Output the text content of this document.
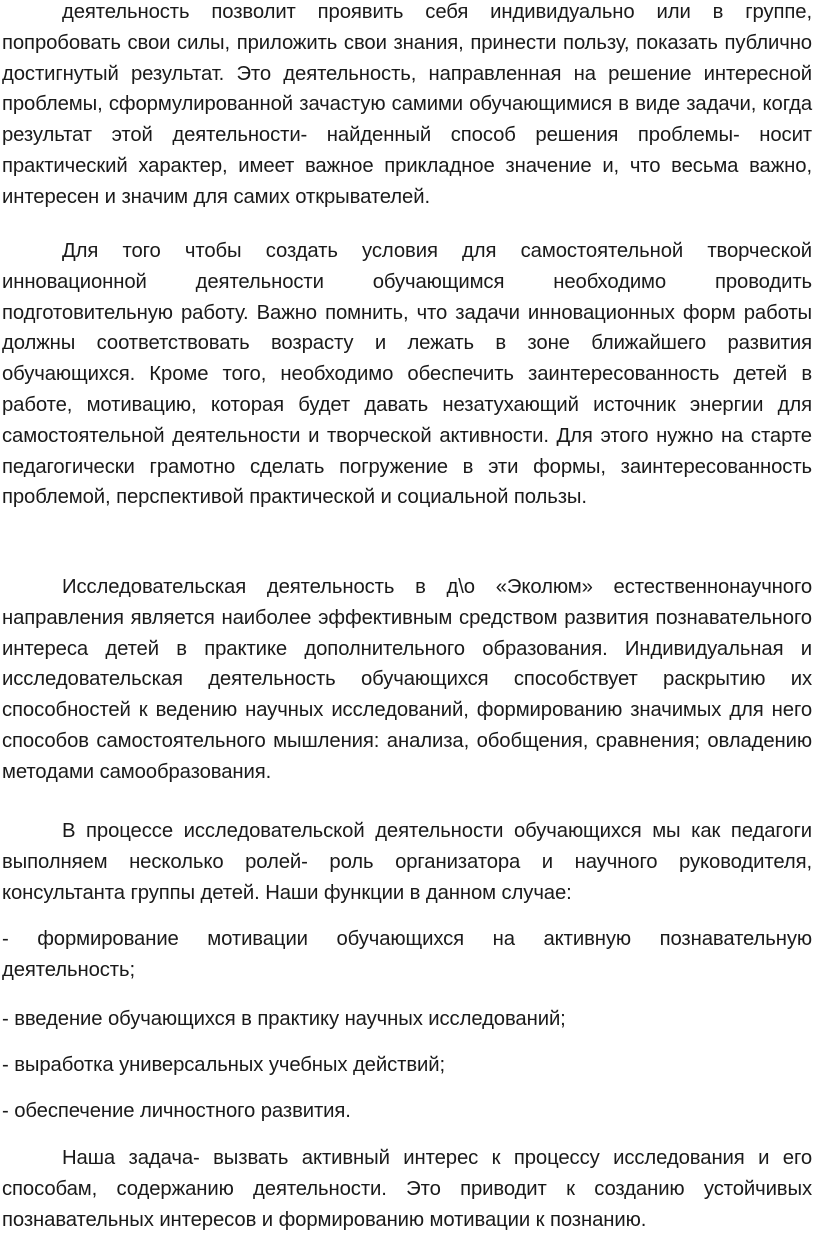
деятельность позволит проявить себя индивидуально или в группе, попробовать свои силы, приложить свои знания, принести пользу, показать публично достигнутый результат. Это деятельность, направленная на решение интересной проблемы, сформулированной зачастую самими обучающимися в виде задачи, когда результат этой деятельности- найденный способ решения проблемы- носит практический характер, имеет важное прикладное значение и, что весьма важно, интересен и значим для самих открывателей.

Для того чтобы создать условия для самостоятельной творческой инновационной деятельности обучающимся необходимо проводить подготовительную работу. Важно помнить, что задачи инновационных форм работы должны соответствовать возрасту и лежать в зоне ближайшего развития обучающихся. Кроме того, необходимо обеспечить заинтересованность детей в работе, мотивацию, которая будет давать незатухающий источник энергии для самостоятельной деятельности и творческой активности. Для этого нужно на старте педагогически грамотно сделать погружение в эти формы, заинтересованность проблемой, перспективой практической и социальной пользы.

Исследовательская деятельность в д\о «Эколюм» естественнонаучного направления является наиболее эффективным средством развития познавательного интереса детей в практике дополнительного образования. Индивидуальная и исследовательская деятельность обучающихся способствует раскрытию их способностей к ведению научных исследований, формированию значимых для него способов самостоятельного мышления: анализа, обобщения, сравнения; овладению методами самообразования.

В процессе исследовательской деятельности обучающихся мы как педагоги выполняем несколько ролей- роль организатора и научного руководителя, консультанта группы детей. Наши функции в данном случае:

- формирование мотивации обучающихся на активную познавательную деятельность;

- введение обучающихся в практику научных исследований;

- выработка универсальных учебных действий;

- обеспечение личностного развития.

Наша задача- вызвать активный интерес к процессу исследования и его способам, содержанию деятельности. Это приводит к созданию устойчивых познавательных интересов и формированию мотивации к познанию.
